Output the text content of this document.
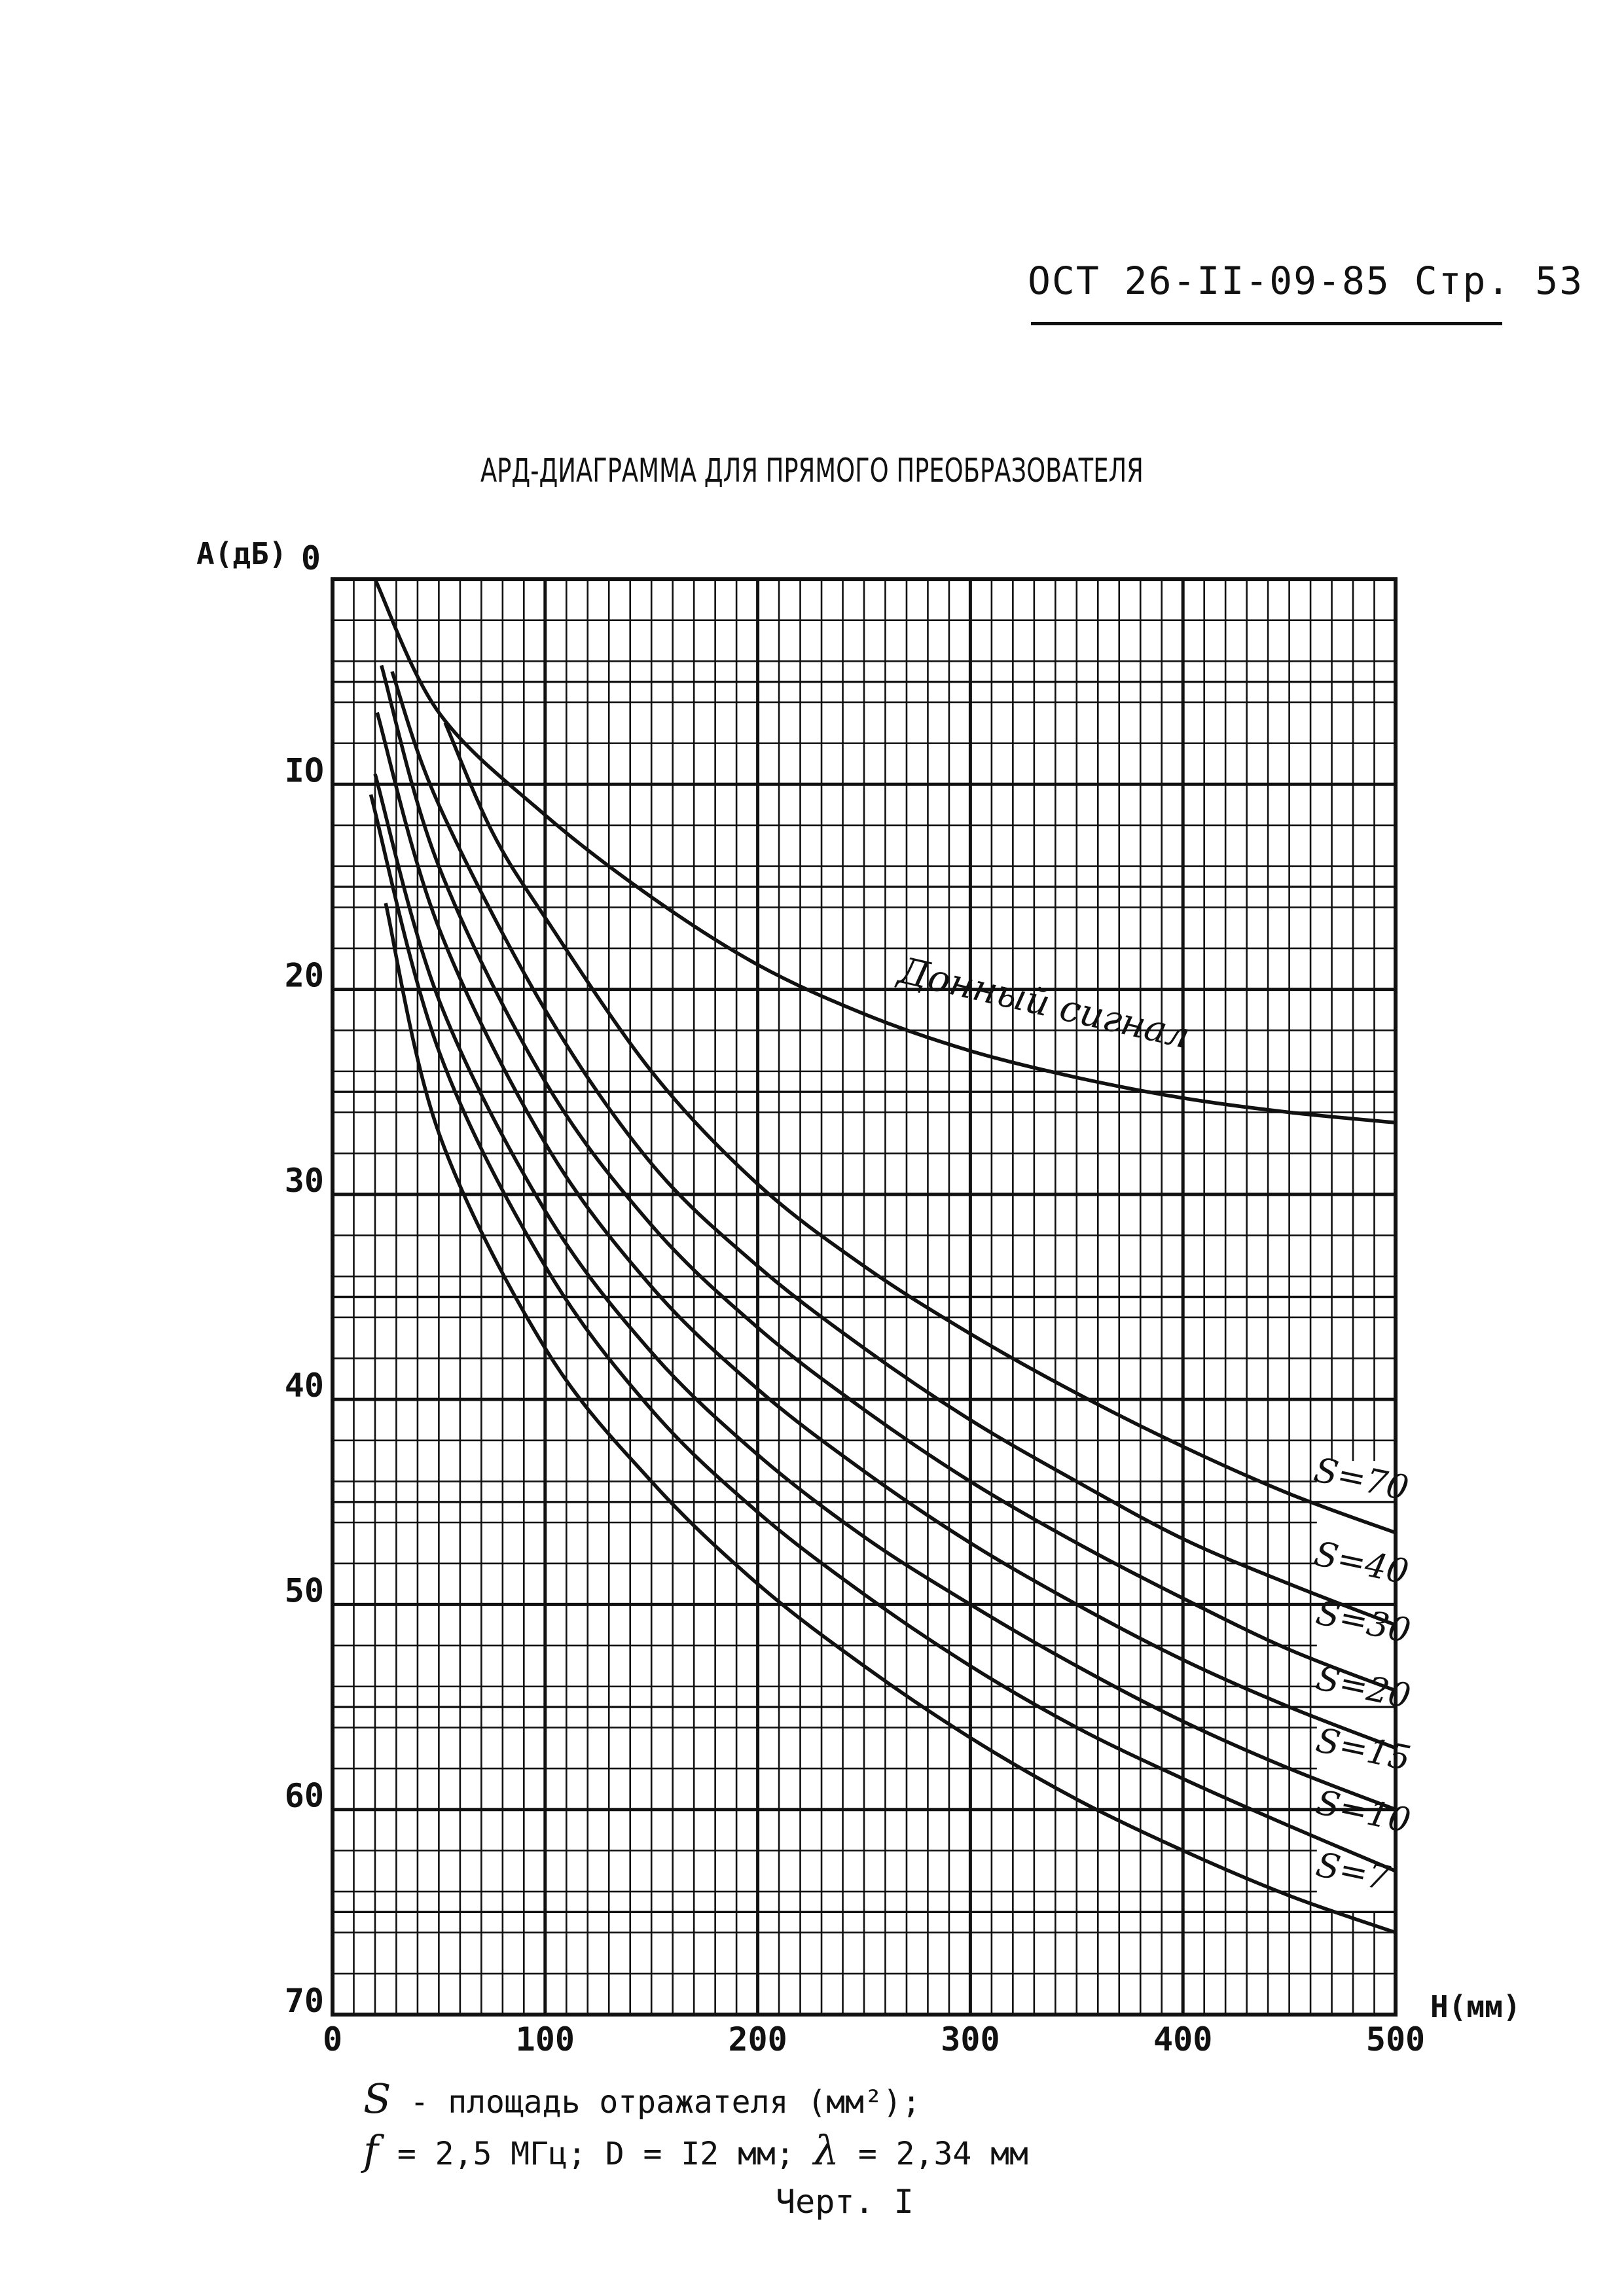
ОСТ 26-II-09-85 Стр. 53
АРД-ДИАГРАММА ДЛЯ ПРЯМОГО ПРЕОБРАЗОВАТЕЛЯ
Донный сигнал
S=70
S=40
S=30
S=20
S=15
S=10
S=7
0	100	200	300	400	500
0
IO
20
30
40
50
60
70
A(дБ)
H(мм)
S - площадь отражателя (мм²);
f = 2,5 МГц; D = I2 мм; λ = 2,34 мм
Черт. I
